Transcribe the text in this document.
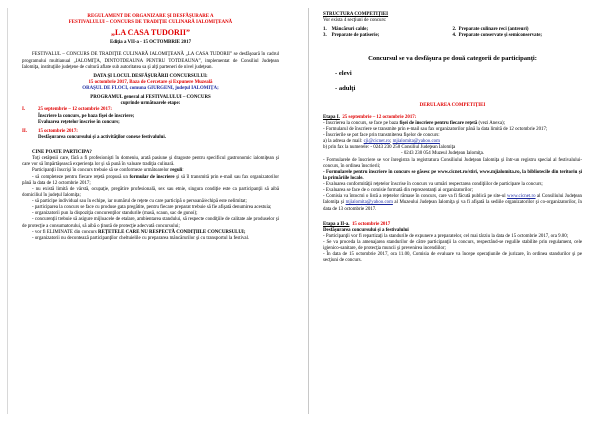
REGULAMENT DE ORGANIZARE ŞI DESFĂŞURARE A

FESTIVALULUI – CONCURS DE TRADIŢIE CULINARĂ IALOMIŢEANĂ

„LA CASA TUDORII”

Ediţia a VII-a - 15 OCTOMBRIE 2017

FESTIVALUL – CONCURS DE TRADIŢIE CULINARĂ IALOMIŢEANĂ „LA CASA TUDORII” se desfăşoară în cadrul programului multianual „IALOMIŢA, DINTOTDEAUNA PENTRU TOTDEAUNA”, implementat de Consiliul Judeţean Ialomiţa, instituţiile judeţene de cultură aflate sub autoritatea sa şi alţi parteneri de nivel judeţean.

DATA ŞI LOCUL DESFĂŞURĂRII CONCURSULUI:

15 octombrie 2017, Baza de Cercetare şi Expunere Muzeală

ORAŞUL DE FLOCI, comuna GIURGENI, judeţul IALOMIŢA;

PROGRAMUL general al FESTIVALULUI – CONCURS

cuprinde următoarele etape:

I.	25 septembrie – 12 octombrie 2017:

Înscriere la concurs, pe baza fişei de înscriere;

Evaluarea reţetelor înscrise în concurs;

II.	15 octombrie 2017:

Desfăşurarea concursului şi a activităţilor conexe festivalului.

CINE POATE PARTICIPA?

Toţi cetăţenii care, fără a fi profesionişti în domeniu, arată pasiune şi dragoste pentru specificul gastronomic ialomiţean şi care vor să împărtăşească experienţa lor şi să pună în valoare tradiţia culinară.

Participanţii înscrişi în concurs trebuie să se conformeze următoarelor reguli:

- să completeze pentru fiecare reţetă propusă un formular de înscriere şi să îl transmită prin e-mail sau fax organizatorilor până la data de 12 octombrie 2017;

- nu există limită de vârstă, ocupaţie, pregătire profesională, sex sau etnie, singura condiţie este ca participanţii să aibă domiciliul în judeţul Ialomiţa;

- să participe individual sau în echipe, iar numărul de reţete cu care participă o persoană/echipă este nelimitat;

- participarea la concurs se face cu produse gata pregătite, pentru fiecare preparat trebuie să fie afişată denumirea acestuia;

- organizatorii pun la dispoziţia concurenţilor standurile (masă, scaun, sac de gunoi);

- concurenţii trebuie să asigure mijloacele de etalare, ambientarea standului, să respecte condiţiile de calitate ale produselor şi de protecţie a consumatorului, să aibă o ţinută de protecţie adecvată concursului;

- vor fi ELIMINATE din concurs REŢETELE CARE NU RESPECTĂ CONDIŢIILE CONCURSULUI;

- organizatorii nu decontează participanţilor cheltuielile cu prepararea mâncărurilor şi cu transportul la festival.

STRUCTURA COMPETIŢIEI

Vor exista 4 secţiuni de concurs:

1. Mâncăruri calde;

3. Preparate de patiserie;

2. Preparate culinare reci (antreuri)

4. Preparate conservate şi semiconservate;

Concursul se va desfăşura pe două categorii de participanţi:

- elevi

- adulţi

DERULAREA COMPETIŢIEI

Etapa I. 25 septembrie – 12 octombrie 2017:

- Înscrierea la concurs, se face pe baza fişei de înscriere pentru fiecare reţetă (vezi Anexa);

- Formularul de înscriere se transmite prin e-mail sau fax organizatorilor până la data limită de 12 octombrie 2017;

- Înscrierile se pot face prin transmiterea fişelor de concurs:

a) la adresa de mail: cji@cicnet.ro; mjialomita@yahoo.com

b) prin fax la numerele: - 0243 230 250 Consiliul Judeţean Ialomiţa

- 0243 230 054 Muzeul Judeţean Ialomiţa.

- Formularele de înscriere se vor înregistra la registratura Consiliului Judeţean Ialomiţa şi într-un registru special al festivalului-concurs, în ordinea înscrierii;

- Formularele pentru înscriere în concurs se găsesc pe www.cicnet.ro/stiri, www.mjialomita.ro, la bibliotecile din teritoriu şi la primăriile locale.

- Evaluarea conformităţii reţetelor înscrise în concurs va urmări respectarea condiţiilor de participare la concurs;

- Evaluarea se face de o comisie formată din reprezentanţi ai organizatorilor;

- Comisia va întocmi o listă a reţetelor rămase în concurs, care va fi făcută publică pe site-ul www.cicnet.ro al Consiliului Judeţean Ialomiţa şi mjialomita@yahoo.com al Muzeului Judeţean Ialomiţa şi va fi afişată la sediile organizatorilor şi co-organizatorilor, în data de 13 octombrie 2017.

Etapa a II-a. 15 octombrie 2017

Desfăşurarea concursului şi a festivalului

- Participanţii vor fi repartizaţi la standurile de expunere a preparatelor, cel mai târziu la data de 15 octombrie 2017, ora 9.00;

- Se va proceda la amenajarea standurilor de către participanţii la concurs, respectând-se regulile stabilite prin regulament, cele igienico-sanitare, de protecţia muncii şi prevenirea incendiilor;

- În data de 15 octombrie 2017, ora 11.00, Comisia de evaluare va începe operaţiunile de jurizare, în ordinea standurilor şi pe secţiuni de concurs.
